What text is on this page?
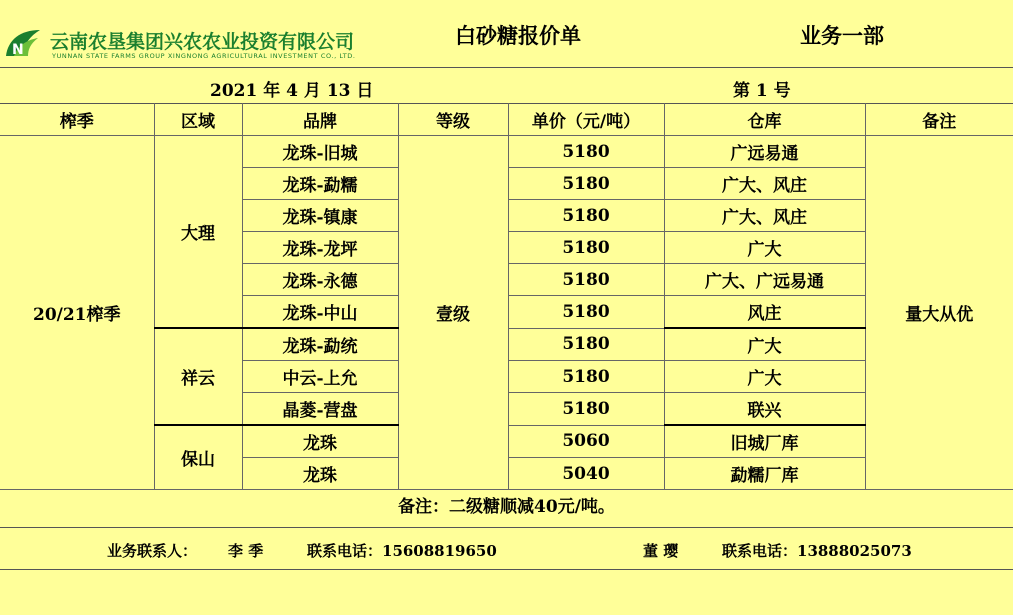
N 云南农垦集团兴农农业投资有限公司
YUNNAN STATE FARMS GROUP XINGNONG AGRICULTURAL INVESTMENT CO., LTD.
白砂糖报价单	业务一部
2021 年 4 月 13 日	第 1 号
榨季	区域	品牌	等级	单价（元/吨）	仓库	备注
20/21榨季	大理	龙珠-旧城	壹级	5180	广远易通	量大从优
		龙珠-勐糯		5180	广大、风庄	
		龙珠-镇康		5180	广大、风庄	
		龙珠-龙坪		5180	广大	
		龙珠-永德		5180	广大、广远易通	
		龙珠-中山		5180	风庄	
	祥云	龙珠-勐统		5180	广大	
		中云-上允		5180	广大	
		晶菱-营盘		5180	联兴	
	保山	龙珠		5060	旧城厂库	
		龙珠		5040	勐糯厂库	
备注：二级糖顺减40元/吨。
业务联系人： 李 季	联系电话：15608819650	董 璎	联系电话：13888025073
